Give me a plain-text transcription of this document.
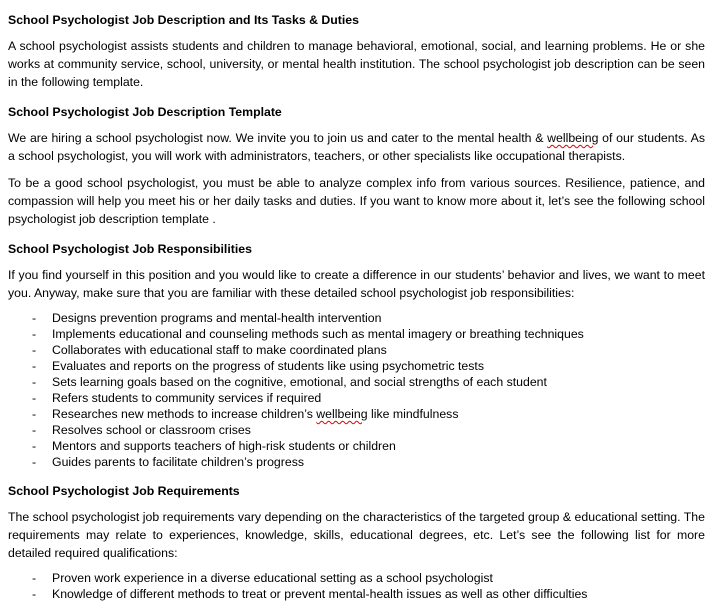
School Psychologist Job Description and Its Tasks & Duties

A school psychologist assists students and children to manage behavioral, emotional, social, and learning problems. He or she works at community service, school, university, or mental health institution. The school psychologist job description can be seen in the following template.

School Psychologist Job Description Template

We are hiring a school psychologist now. We invite you to join us and cater to the mental health & wellbeing of our students. As a school psychologist, you will work with administrators, teachers, or other specialists like occupational therapists.

To be a good school psychologist, you must be able to analyze complex info from various sources. Resilience, patience, and compassion will help you meet his or her daily tasks and duties. If you want to know more about it, let’s see the following school psychologist job description template .

School Psychologist Job Responsibilities

If you find yourself in this position and you would like to create a difference in our students’ behavior and lives, we want to meet you. Anyway, make sure that you are familiar with these detailed school psychologist job responsibilities:

-	Designs prevention programs and mental-health intervention
-	Implements educational and counseling methods such as mental imagery or breathing techniques
-	Collaborates with educational staff to make coordinated plans
-	Evaluates and reports on the progress of students like using psychometric tests
-	Sets learning goals based on the cognitive, emotional, and social strengths of each student
-	Refers students to community services if required
-	Researches new methods to increase children’s wellbeing like mindfulness
-	Resolves school or classroom crises
-	Mentors and supports teachers of high-risk students or children
-	Guides parents to facilitate children’s progress
School Psychologist Job Requirements

The school psychologist job requirements vary depending on the characteristics of the targeted group & educational setting. The requirements may relate to experiences, knowledge, skills, educational degrees, etc. Let’s see the following list for more detailed required qualifications:

-	Proven work experience in a diverse educational setting as a school psychologist
-	Knowledge of different methods to treat or prevent mental-health issues as well as other difficulties
